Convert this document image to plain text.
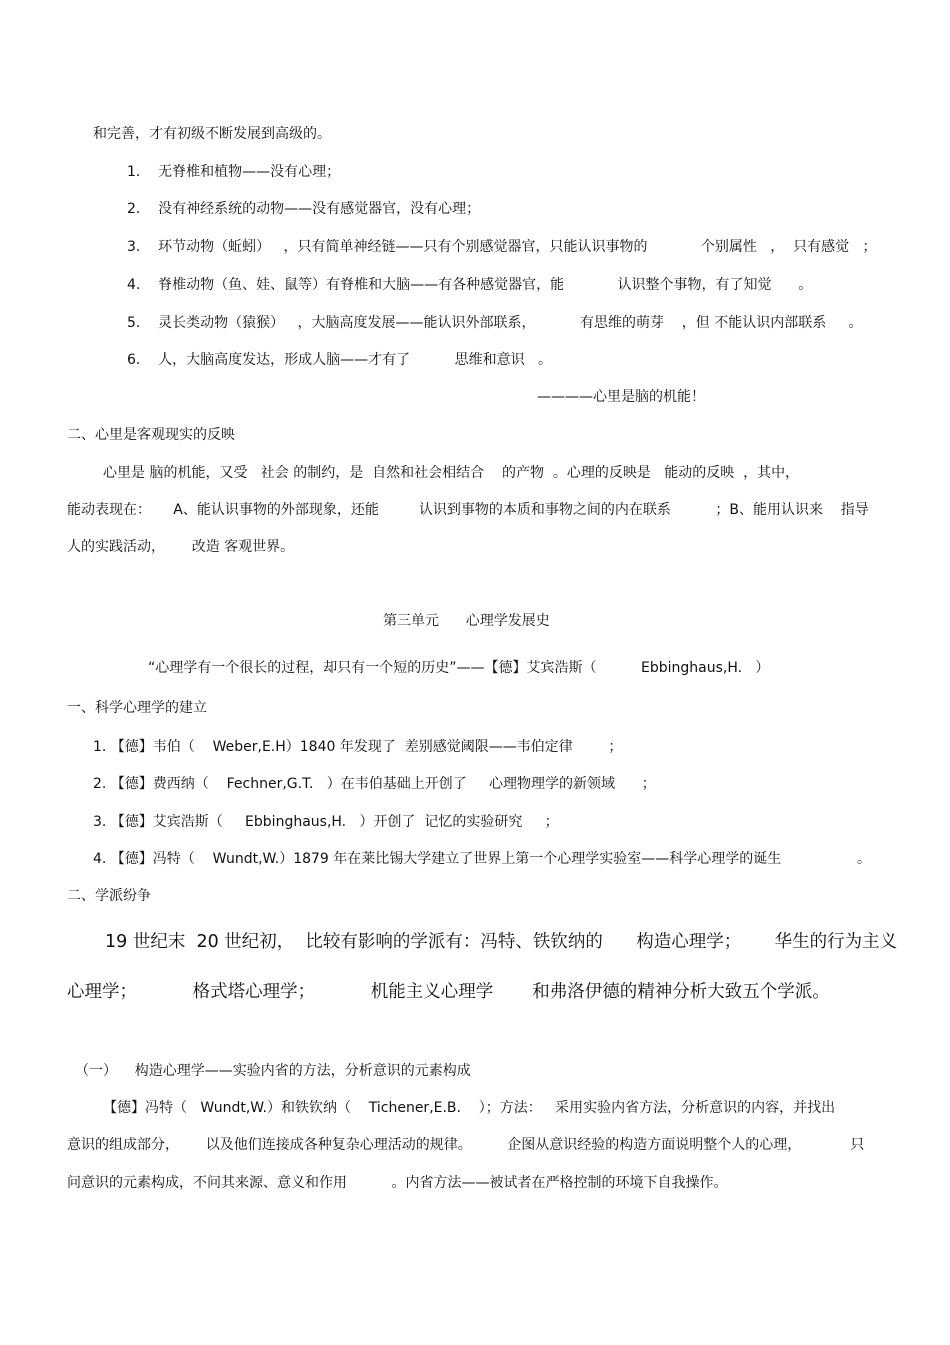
和完善，才有初级不断发展到高级的。
1.    无脊椎和植物——没有心理；
2.    没有神经系统的动物——没有感觉器官，没有心理；
3.    环节动物（蚯蚓）   ，只有简单神经链——只有个别感觉器官，只能认识事物的            个别属性   ，  只有感觉   ；
4.    脊椎动物（鱼、娃、鼠等）有脊椎和大脑——有各种感觉器官，能            认识整个事物，有了知觉      。
5.    灵长类动物（猿猴）   ，大脑高度发展——能认识外部联系，          有思维的萌芽    ，但 不能认识内部联系     。
6.    人，大脑高度发达，形成人脑——才有了          思维和意识   。
————心里是脑的机能！
二、心里是客观现实的反映
心里是 脑的机能，又受   社会 的制约，是  自然和社会相结合    的产物  。心理的反映是   能动的反映  ，其中，
能动表现在：     A、能认识事物的外部现象，还能         认识到事物的本质和事物之间的内在联系          ；B、能用认识来    指导
人的实践活动，      改造 客观世界。
第三单元      心理学发展史
“心理学有一个很长的过程，却只有一个短的历史”——【德】艾宾浩斯（          Ebbinghaus,H.   ）
一、科学心理学的建立
1. 【德】韦伯（    Weber,E.H）1840 年发现了  差别感觉阈限——韦伯定律        ；
2. 【德】费西纳（    Fechner,G.T.   ）在韦伯基础上开创了     心理物理学的新领域      ；
3. 【德】艾宾浩斯（     Ebbinghaus,H.   ）开创了  记忆的实验研究     ；
4. 【德】冯特（    Wundt,W.）1879 年在莱比锡大学建立了世界上第一个心理学实验室——科学心理学的诞生                 。
二、学派纷争
19 世纪末  20 世纪初，  比较有影响的学派有：冯特、铁钦纳的      构造心理学；      华生的行为主义
心理学；          格式塔心理学；          机能主义心理学       和弗洛伊德的精神分析大致五个学派。
（一）    构造心理学——实验内省的方法，分析意识的元素构成
【德】冯特（   Wundt,W.）和铁钦纳（    Tichener,E.B.    ）；方法：   采用实验内省方法，分析意识的内容，并找出
意识的组成部分，      以及他们连接成各种复杂心理活动的规律。        企图从意识经验的构造方面说明整个人的心理，           只
问意识的元素构成，不问其来源、意义和作用          。内省方法——被试者在严格控制的环境下自我操作。
